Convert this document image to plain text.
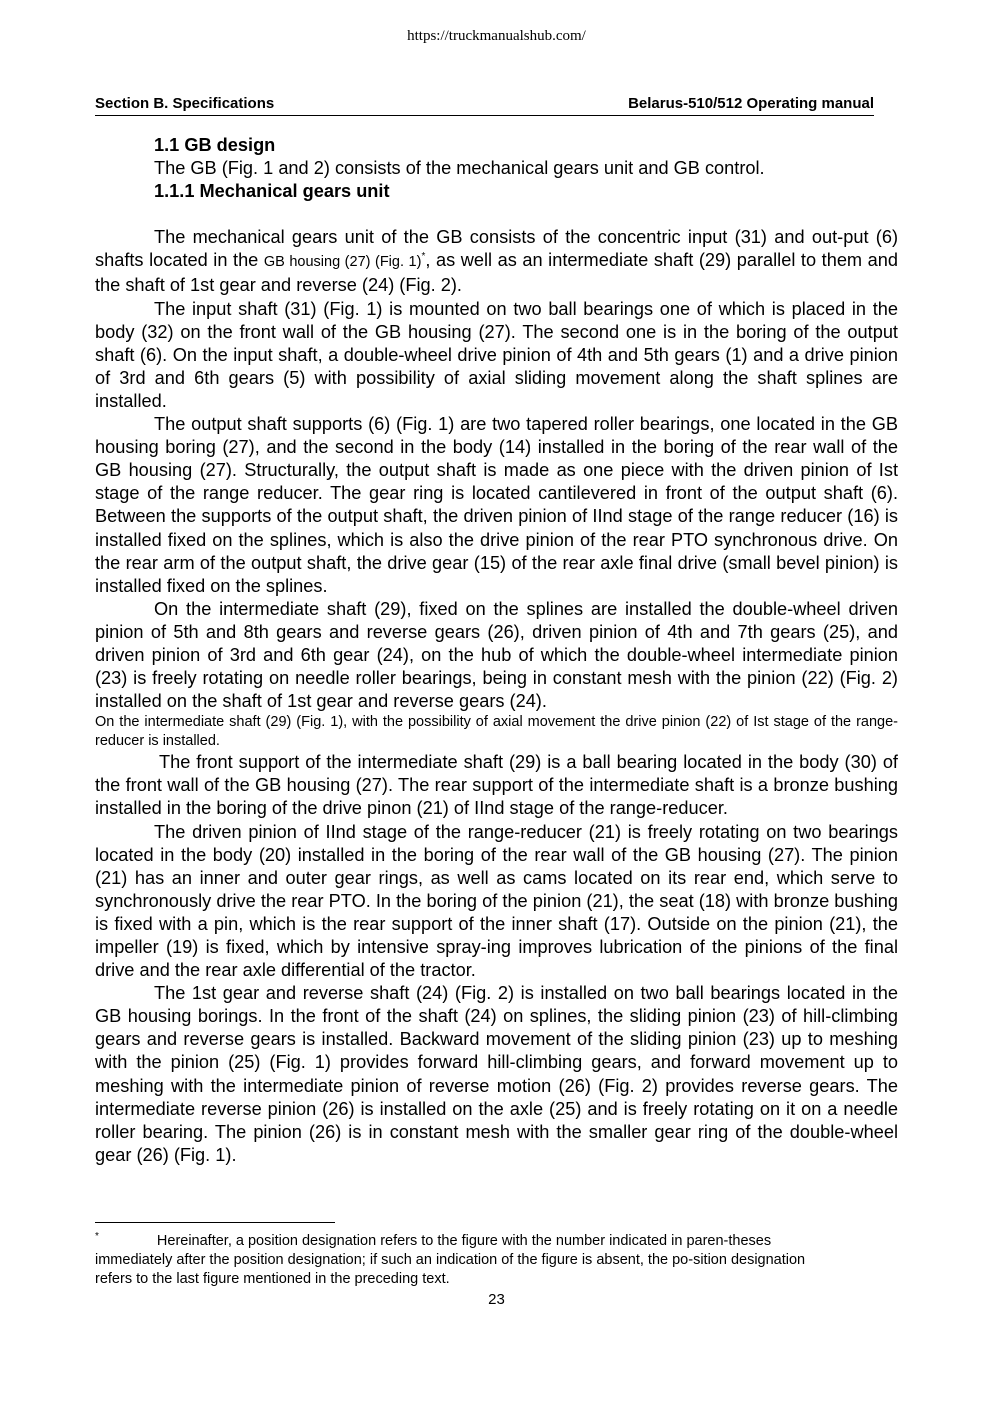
https://truckmanualshub.com/
Section B. Specifications	Belarus-510/512 Operating manual

1.1 GB design

The GB (Fig. 1 and 2) consists of the mechanical gears unit and GB control.

1.1.1 Mechanical gears unit

The mechanical gears unit of the GB consists of the concentric input (31) and out-put (6) shafts located in the GB housing (27) (Fig. 1)*, as well as an intermediate shaft (29) parallel to them and the shaft of 1st gear and reverse (24) (Fig. 2).

The input shaft (31) (Fig. 1) is mounted on two ball bearings one of which is placed in the body (32) on the front wall of the GB housing (27). The second one is in the boring of the output shaft (6). On the input shaft, a double-wheel drive pinion of 4th and 5th gears (1) and a drive pinion of 3rd and 6th gears (5) with possibility of axial sliding movement along the shaft splines are installed.

The output shaft supports (6) (Fig. 1) are two tapered roller bearings, one located in the GB housing boring (27), and the second in the body (14) installed in the boring of the rear wall of the GB housing (27). Structurally, the output shaft is made as one piece with the driven pinion of Ist stage of the range reducer. The gear ring is located cantilevered in front of the output shaft (6). Between the supports of the output shaft, the driven pinion of IInd stage of the range reducer (16) is installed fixed on the splines, which is also the drive pinion of the rear PTO synchronous drive. On the rear arm of the output shaft, the drive gear (15) of the rear axle final drive (small bevel pinion) is installed fixed on the splines.

On the intermediate shaft (29), fixed on the splines are installed the double-wheel driven pinion of 5th and 8th gears and reverse gears (26), driven pinion of 4th and 7th gears (25), and driven pinion of 3rd and 6th gear (24), on the hub of which the double-wheel intermediate pinion (23) is freely rotating on needle roller bearings, being in constant mesh with the pinion (22) (Fig. 2) installed on the shaft of 1st gear and reverse gears (24).

On the intermediate shaft (29) (Fig. 1), with the possibility of axial movement the drive pinion (22) of Ist stage of the range-reducer is installed.

The front support of the intermediate shaft (29) is a ball bearing located in the body (30) of the front wall of the GB housing (27). The rear support of the intermediate shaft is a bronze bushing installed in the boring of the drive pinon (21) of IInd stage of the range-reducer.

The driven pinion of IInd stage of the range-reducer (21) is freely rotating on two bearings located in the body (20) installed in the boring of the rear wall of the GB housing (27). The pinion (21) has an inner and outer gear rings, as well as cams located on its rear end, which serve to synchronously drive the rear PTO. In the boring of the pinion (21), the seat (18) with bronze bushing is fixed with a pin, which is the rear support of the inner shaft (17). Outside on the pinion (21), the impeller (19) is fixed, which by intensive spray-ing improves lubrication of the pinions of the final drive and the rear axle differential of the tractor.

The 1st gear and reverse shaft (24) (Fig. 2) is installed on two ball bearings located in the GB housing borings. In the front of the shaft (24) on splines, the sliding pinion (23) of hill-climbing gears and reverse gears is installed. Backward movement of the sliding pinion (23) up to meshing with the pinion (25) (Fig. 1) provides forward hill-climbing gears, and forward movement up to meshing with the intermediate pinion of reverse motion (26) (Fig. 2) provides reverse gears. The intermediate reverse pinion (26) is installed on the axle (25) and is freely rotating on it on a needle roller bearing. The pinion (26) is in constant mesh with the smaller gear ring of the double-wheel gear (26) (Fig. 1).

*	Hereinafter, a position designation refers to the figure with the number indicated in paren-theses immediately after the position designation; if such an indication of the figure is absent, the po-sition designation refers to the last figure mentioned in the preceding text.

23
